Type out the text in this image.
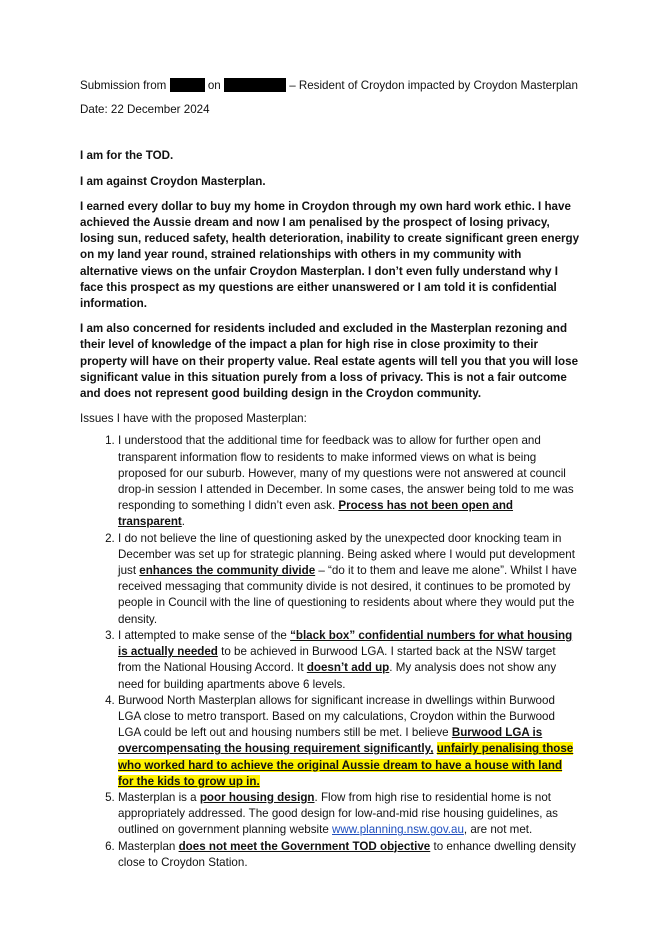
Submission from	on	– Resident of Croydon impacted by Croydon Masterplan

Date: 22 December 2024

I am for the TOD.

I am against Croydon Masterplan.

I earned every dollar to buy my home in Croydon through my own hard work ethic. I have achieved the Aussie dream and now I am penalised by the prospect of losing privacy, losing sun, reduced safety, health deterioration, inability to create significant green energy on my land year round, strained relationships with others in my community with alternative views on the unfair Croydon Masterplan. I don’t even fully understand why I face this prospect as my questions are either unanswered or I am told it is confidential information.

I am also concerned for residents included and excluded in the Masterplan rezoning and their level of knowledge of the impact a plan for high rise in close proximity to their property will have on their property value. Real estate agents will tell you that you will lose significant value in this situation purely from a loss of privacy. This is not a fair outcome and does not represent good building design in the Croydon community.

Issues I have with the proposed Masterplan:

1. I understood that the additional time for feedback was to allow for further open and transparent information flow to residents to make informed views on what is being proposed for our suburb. However, many of my questions were not answered at council drop-in session I attended in December. In some cases, the answer being told to me was responding to something I didn’t even ask. Process has not been open and transparent.
2. I do not believe the line of questioning asked by the unexpected door knocking team in December was set up for strategic planning. Being asked where I would put development just enhances the community divide – “do it to them and leave me alone”. Whilst I have received messaging that community divide is not desired, it continues to be promoted by people in Council with the line of questioning to residents about where they would put the density.
3. I attempted to make sense of the “black box” confidential numbers for what housing is actually needed to be achieved in Burwood LGA. I started back at the NSW target from the National Housing Accord. It doesn’t add up. My analysis does not show any need for building apartments above 6 levels.
4. Burwood North Masterplan allows for significant increase in dwellings within Burwood LGA close to metro transport. Based on my calculations, Croydon within the Burwood LGA could be left out and housing numbers still be met. I believe Burwood LGA is overcompensating the housing requirement significantly, unfairly penalising those who worked hard to achieve the original Aussie dream to have a house with land for the kids to grow up in.
5. Masterplan is a poor housing design. Flow from high rise to residential home is not appropriately addressed. The good design for low-and-mid rise housing guidelines, as outlined on government planning website www.planning.nsw.gov.au, are not met.
6. Masterplan does not meet the Government TOD objective to enhance dwelling density close to Croydon Station.
